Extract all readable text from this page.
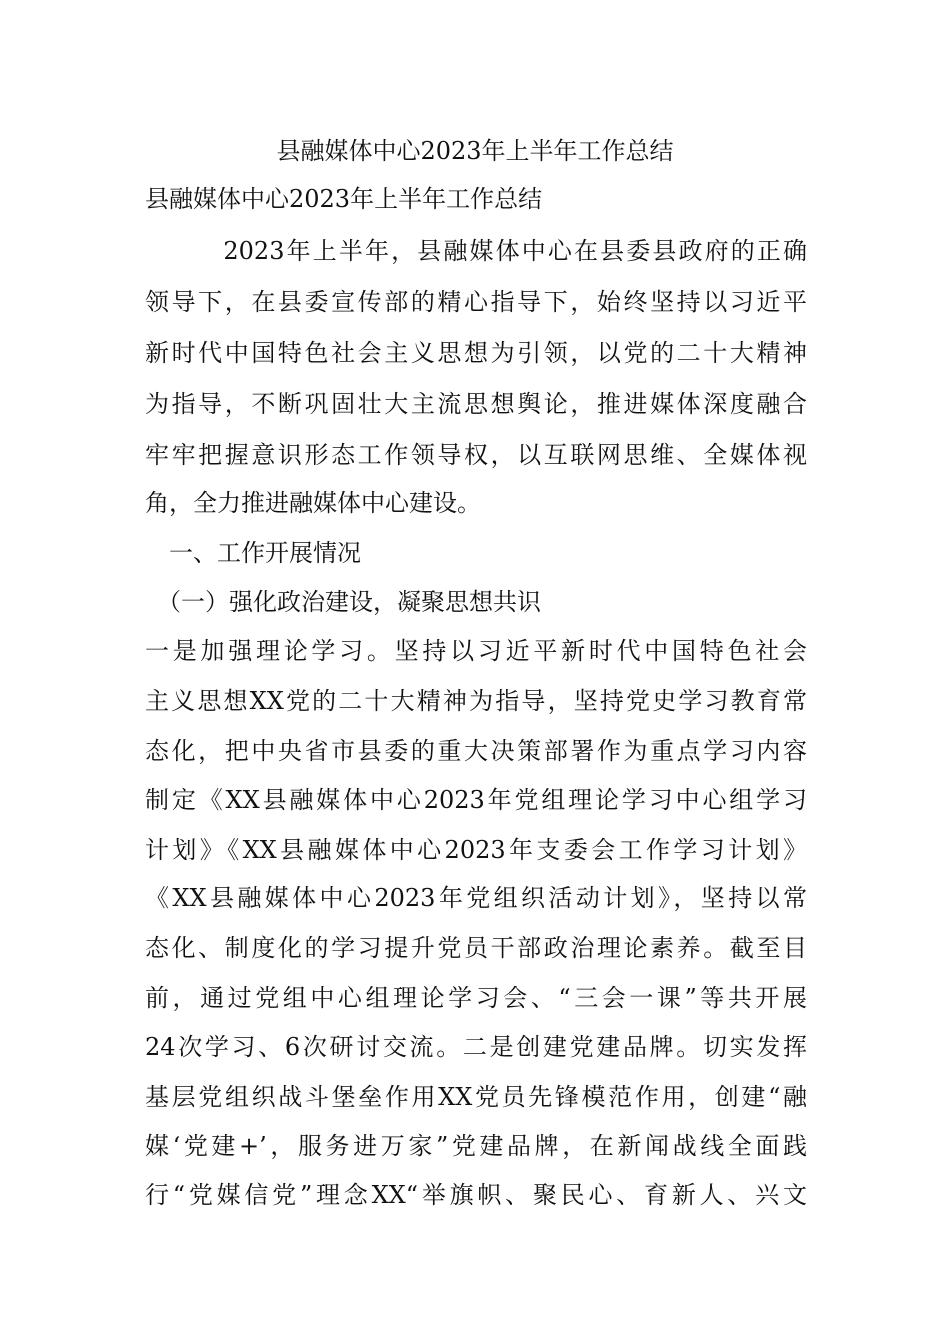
县融媒体中心2023年上半年工作总结
县融媒体中心2023年上半年工作总结
　　　2023年上半年，县融媒体中心在县委县政府的正确
领导下，在县委宣传部的精心指导下，始终坚持以习近平
新时代中国特色社会主义思想为引领，以党的二十大精神
为指导，不断巩固壮大主流思想舆论，推进媒体深度融合
牢牢把握意识形态工作领导权，以互联网思维、全媒体视
角，全力推进融媒体中心建设。
　一、工作开展情况
　（一）强化政治建设，凝聚思想共识
一是加强理论学习。坚持以习近平新时代中国特色社会
主义思想XX党的二十大精神为指导，坚持党史学习教育常
态化，把中央省市县委的重大决策部署作为重点学习内容
制定《XX县融媒体中心2023年党组理论学习中心组学习
计划》《XX县融媒体中心2023年支委会工作学习计划》
《XX县融媒体中心2023年党组织活动计划》，坚持以常
态化、制度化的学习提升党员干部政治理论素养。截至目
前，通过党组中心组理论学习会、“三会一课”等共开展
24次学习、6次研讨交流。二是创建党建品牌。切实发挥
基层党组织战斗堡垒作用XX党员先锋模范作用，创建“融
媒‘党建+’，服务进万家”党建品牌，在新闻战线全面践
行“党媒信党”理念XX“举旗帜、聚民心、育新人、兴文
